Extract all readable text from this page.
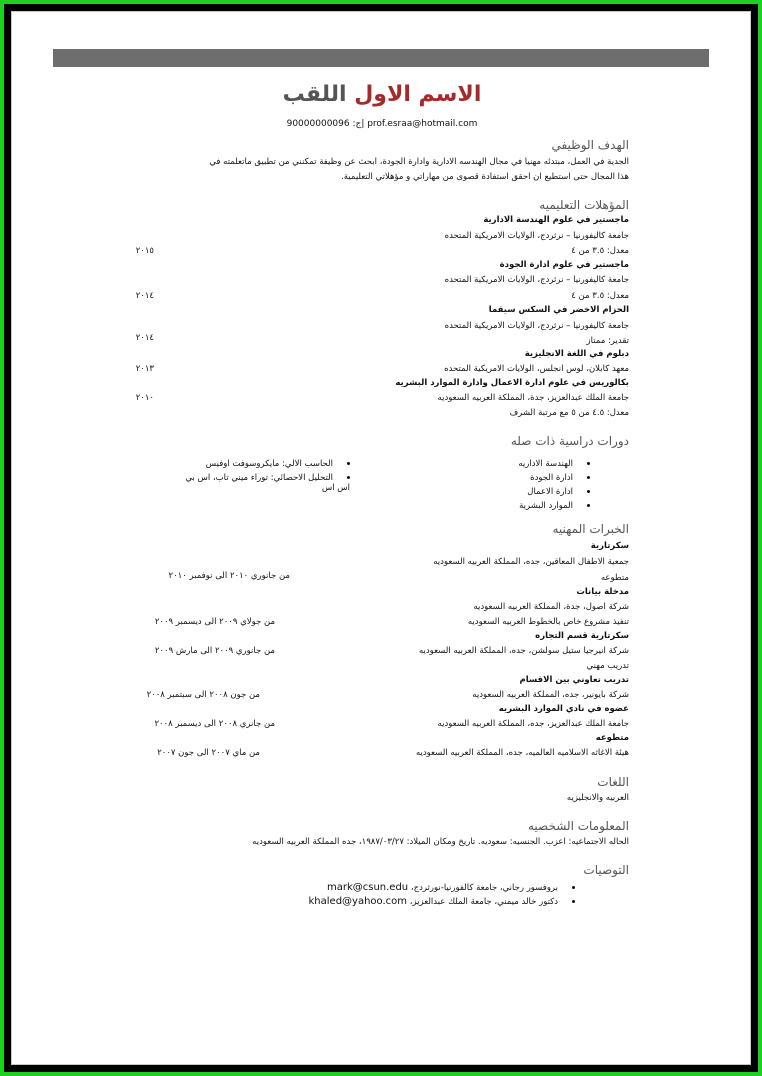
الاسم الاول اللقب
90000000096 :ج| prof.esraa@hotmail.com
الهدف الوظيفي
الجدية في العمل، مبتدئه مهنيا في مجال الهندسه الادارية وادارة الجودة، ابحث عن وظيفة تمكنني من تطبيق ماتعلمته في
هذا المجال حتى استطيع ان احقق استفادة قصوى من مهاراتي و مؤهلاتي التعليمية.
المؤهلات التعليميه
ماجستير في علوم الهندسة الادارية
جامعة كاليفورنيا – نرثردج، الولايات الامريكية المتحده
معدل: ٣.٥ من ٤
٢٠١٥
ماجستير في علوم ادارة الجودة
جامعة كاليفورنيا – نرثردج، الولايات الامريكية المتحده
معدل: ٣.٥ من ٤
٢٠١٤
الحزام الاخضر في السكس سيقما
جامعة كاليفورنيا – نرثردج، الولايات الامريكية المتحده
تقدير: ممتاز
٢٠١٤
دبلوم في اللغة الانجليزية
معهد كابلان، لوس انجلس، الولايات الامريكية المتحده
٢٠١٣
بكالوريس في علوم ادارة الاعمال وادارة الموارد البشريه
جامعة الملك عبدالعزيز، جدة، المملكة العربيه السعوديه
معدل: ٤.٥ من ٥ مع مرتبة الشرف
٢٠١٠
دورات دراسية ذات صله
الهندسة الاداريه
ادارة الجودة
ادارة الاعمال
الموارد البشرية
الحاسب الالي: مايكروسوفت اوفيس
التحليل الاحصائي: توراء ميني تاب، اس بي اس اس
الخبرات المهنيه
سكرتارية
جمعية الاطفال المعاقين، جده، المملكة العربيه السعوديه
متطوعه
من جانوري ٢٠١٠ الى نوفمبر ٢٠١٠
مدخلة بيانات
شركة اصول، جدة، المملكة العربيه السعوديه
تنفيذ مشروع خاص بالخطوط العربيه السعوديه
من جولاي ٢٠٠٩ الى ديسمبر ٢٠٠٩
سكرتارية قسم التجاره
شركة انيرجيا ستيل سولشن، جده، المملكة العربيه السعوديه
تدريب مهني
من جانوري ٢٠٠٩ الى مارش ٢٠٠٩
تدريب تعاوني بين الاقسام
شركة بايونير، جده، المملكة العربيه السعوديه
من جون ٢٠٠٨ الى سبتمبر ٢٠٠٨
عضوه في نادي الموارد البشريه
جامعة الملك عبدالعزيز، جده، المملكة العربيه السعوديه
من جانري ٢٠٠٨ الى ديسمبر ٢٠٠٨
متطوعه
هيئة الاغاثه الاسلاميه العالميه، جده، المملكة العربيه السعوديه
من ماي ٢٠٠٧ الى جون ٢٠٠٧
اللغات
العربيه والانجليزيه
المعلومات الشخصيه
الحاله الاجتماعيه: اعزب. الجنسيه: سعوديه. تاريخ ومكان الميلاد: ١٩٨٧/٠٣/٢٧، جده المملكة العربيه السعوديه
التوصيات
بروفسور رجاني، جامعة كالفورنيا-نورثردج، mark@csun.edu
دكتور خالد ميمني، جامعة الملك عبدالعزيز، khaled@yahoo.com
